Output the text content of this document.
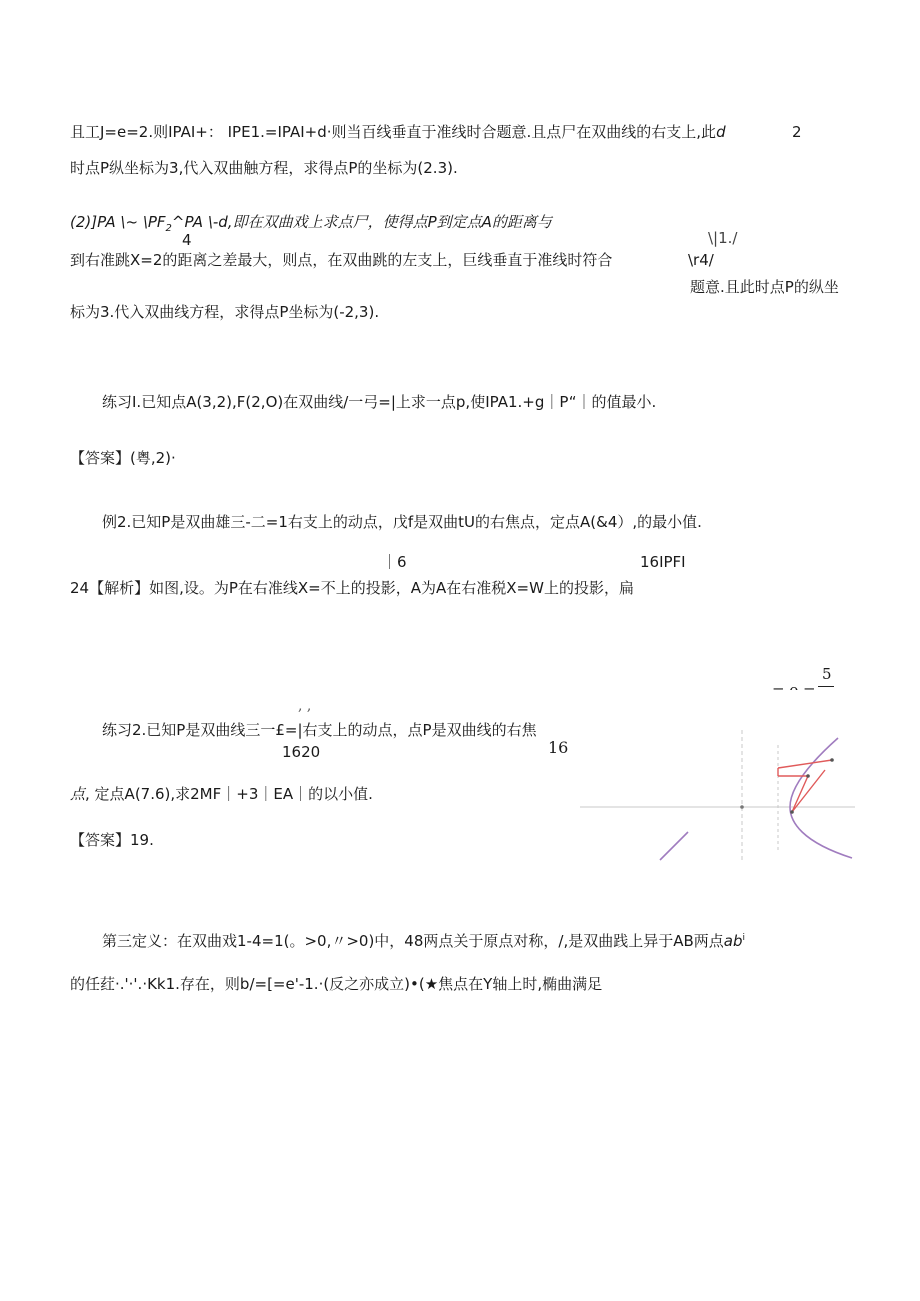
且工J=e=2.则IPAI+： IPE1.=IPAI+d·则当百线垂直于准线时合题意.且点尸在双曲线的右支上,此d	2
时点P纵坐标为3,代入双曲触方程，求得点P的坐标为(2.3).
(2)]PA \~ $\backslash PF_2\^{}PA$ \-d,即在双曲戏上求点尸，使得点P到定点A的距离与
4	\|1./
到右准跳X=2的距离之差最大，则点，在双曲跳的左支上，巨线垂直于准线时符合	\r4/
题意.且此时点P的纵坐
标为3.代入双曲线方程，求得点P坐标为(-2,3).
练习I.已知点A(3,2),F(2,O)在双曲线/一弓=|上求一点p,使IPA1.+g｜P“｜的值最小.
【答案】(粤,2)·
例2.已知P是双曲雄三-二=1右支上的动点，戊f是双曲tU的右焦点，定点A(&4）,的最小值.
｜6	16IPFI
24【解析】如图,设。为P在右准线X=不上的投影，A为A在右准税X=W上的投影，扁
, ,
练习2.已知P是双曲线三一£=|右支上的动点，点P是双曲线的右焦
1620
点, 定点A(7.6),求2MF｜+3｜EA｜的以小值.
【答案】19.
第三定义：在双曲戏1-4=1(。>0,〃>0)中，48两点关于原点对称，/,是双曲践上异于AB两点$ab^i$
的任荭·.'·'.·Kk1.存在，则b/=[=e'-1.·(反之亦成立)•(★焦点在Y轴上时,椭曲满足
5
16
